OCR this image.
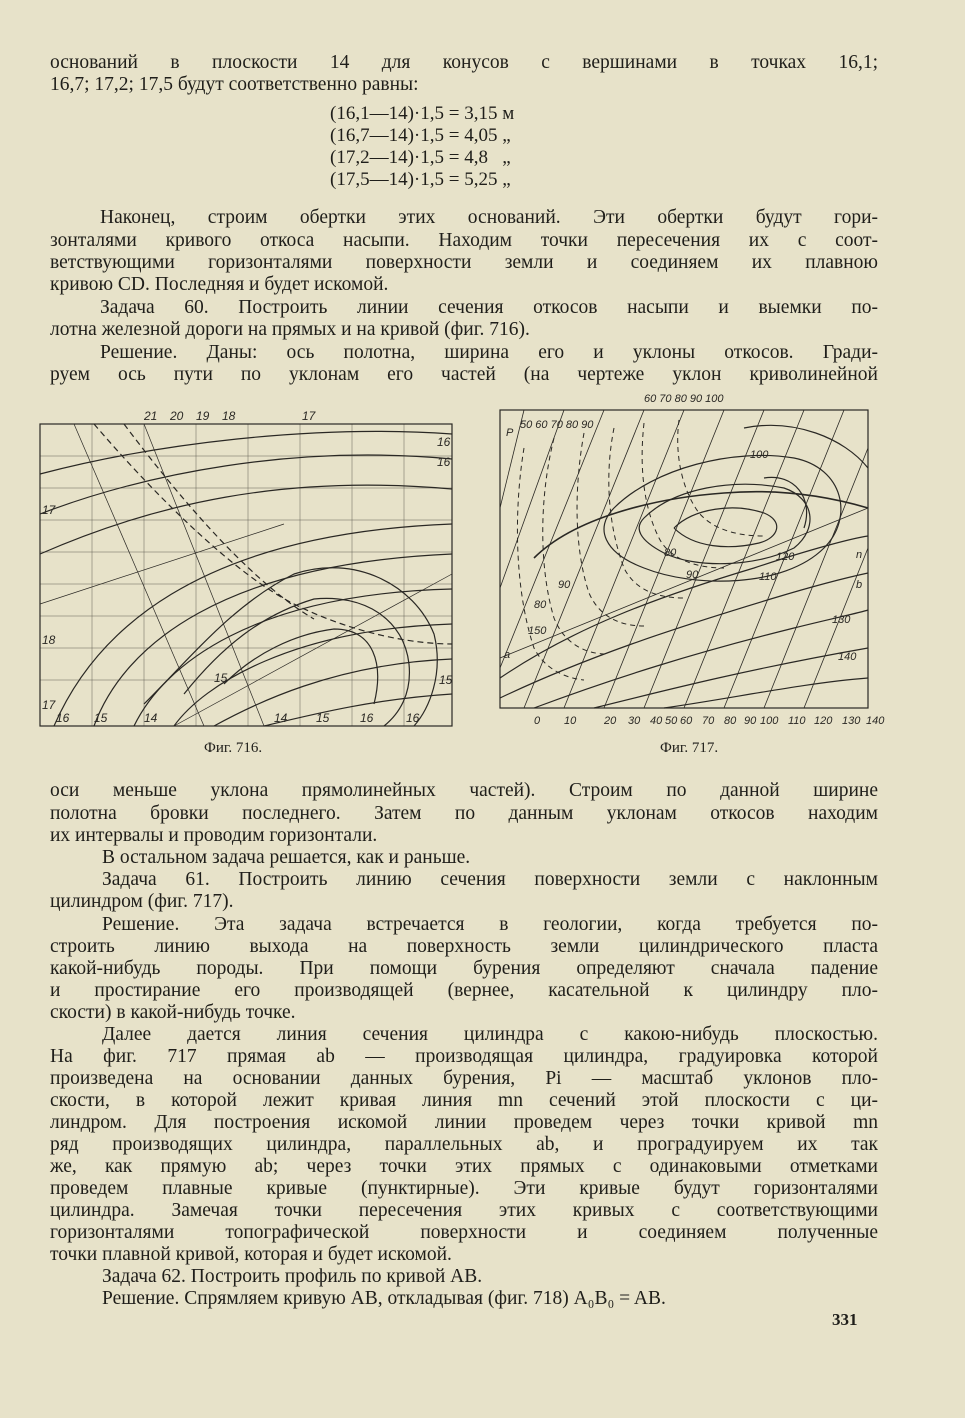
оснований в плоскости 14 для конусов с вершинами в точках 16,1;
16,7; 17,2; 17,5 будут соответственно равны:
(16,1—14)·1,5 = 3,15 м
(16,7—14)·1,5 = 4,05 „
(17,2—14)·1,5 = 4,8   „
(17,5—14)·1,5 = 5,25 „
Наконец, строим обертки этих оснований. Эти обертки будут гори-
зонталями кривого откоса насыпи. Находим точки пересечения их с соот-
ветствующими горизонталями поверхности земли и соединяем их плавною
кривою CD. Последняя и будет искомой.
Задача 60. Построить линии сечения откосов насыпи и выемки по-
лотна железной дороги на прямых и на кривой (фиг. 716).
Решение. Даны: ось полотна, ширина его и уклоны откосов. Гради-
руем ось пути по уклонам его частей (на чертеже уклон криволинейной
21 20 19 18	17
16
16
17
18
17
15
16 15	14	14 15	16	16
15
Фиг. 716.
60 70 80 90 100
50 60 70 80 90
P
a
b
n
80
90
100
110
120
130
140
150
80
90
0 10	20 30 40 50 60 70 80 90 100 110 120 130 140
Фиг. 717.
оси меньше уклона прямолинейных частей). Строим по данной ширине
полотна бровки последнего. Затем по данным уклонам откосов находим
их интервалы и проводим горизонтали.
В остальном задача решается, как и раньше.
Задача 61. Построить линию сечения поверхности земли с наклонным
цилиндром (фиг. 717).
Решение. Эта задача встречается в геологии, когда требуется по-
строить линию выхода на поверхность земли цилиндрического пласта
какой-нибудь породы. При помощи бурения определяют сначала падение
и простирание его производящей (вернее, касательной к цилиндру пло-
скости) в какой-нибудь точке.
Далее дается линия сечения цилиндра с какою-нибудь плоскостью.
На фиг. 717 прямая ab — производящая цилиндра, градуировка которой
произведена на основании данных бурения, Pi — масштаб уклонов пло-
скости, в которой лежит кривая линия mn сечений этой плоскости с ци-
линдром. Для построения искомой линии проведем через точки кривой mn
ряд производящих цилиндра, параллельных ab, и проградуируем их так
же, как прямую ab; через точки этих прямых с одинаковыми отметками
проведем плавные кривые (пунктирные). Эти кривые будут горизонталями
цилиндра. Замечая точки пересечения этих кривых с соответствующими
горизонталями топографической поверхности и соединяем полученные
точки плавной кривой, которая и будет искомой.
Задача 62. Построить профиль по кривой AB.
Решение. Спрямляем кривую AB, откладывая (фиг. 718) A₀B₀ = AB.
331
